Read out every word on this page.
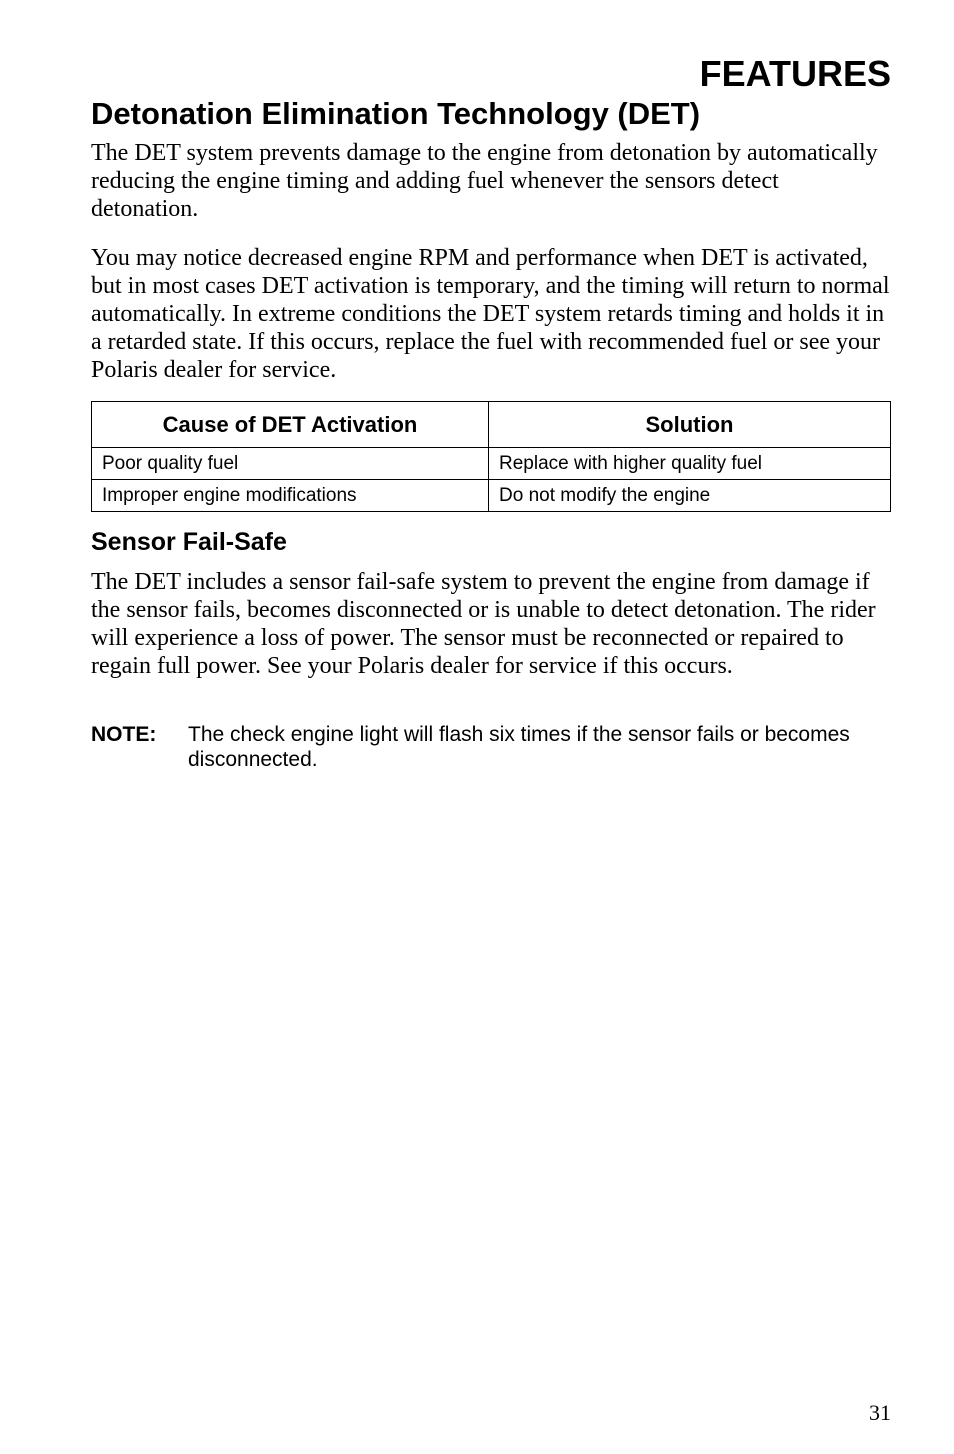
FEATURES
Detonation Elimination Technology (DET)

The DET system prevents damage to the engine from detonation by automatically reducing the engine timing and adding fuel whenever the sensors detect detonation.

You may notice decreased engine RPM and performance when DET is activated, but in most cases DET activation is temporary, and the timing will return to normal automatically. In extreme conditions the DET system retards timing and holds it in a retarded state. If this occurs, replace the fuel with recommended fuel or see your Polaris dealer for service.

Cause of DET Activation	Solution
Poor quality fuel	Replace with higher quality fuel
Improper engine modifications	Do not modify the engine
Sensor Fail-Safe

The DET includes a sensor fail-safe system to prevent the engine from damage if the sensor fails, becomes disconnected or is unable to detect detonation. The rider will experience a loss of power. The sensor must be reconnected or repaired to regain full power. See your Polaris dealer for service if this occurs.

NOTE: The check engine light will flash six times if the sensor fails or becomes disconnected.
31
